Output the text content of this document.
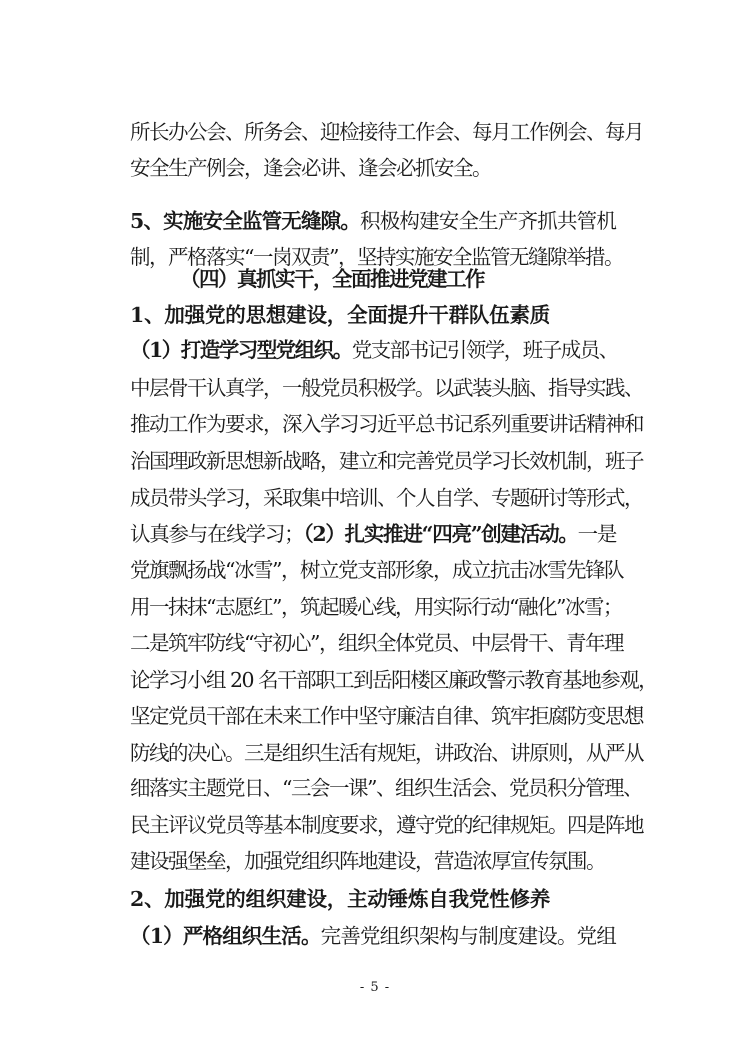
所长办公会、所务会、迎检接待工作会、每月工作例会、每月
安全生产例会，逢会必讲、逢会必抓安全。
5、实施安全监管无缝隙。积极构建安全生产齐抓共管机
制，严格落实“一岗双责”，坚持实施安全监管无缝隙举措。
（四）真抓实干，全面推进党建工作
1、加强党的思想建设，全面提升干群队伍素质
（1）打造学习型党组织。党支部书记引领学，班子成员、
中层骨干认真学，一般党员积极学。以武装头脑、指导实践、
推动工作为要求，深入学习习近平总书记系列重要讲话精神和
治国理政新思想新战略，建立和完善党员学习长效机制，班子
成员带头学习，采取集中培训、个人自学、专题研讨等形式，
认真参与在线学习；（2）扎实推进“四亮”创建活动。一是
党旗飘扬战“冰雪”，树立党支部形象，成立抗击冰雪先锋队
用一抹抹“志愿红”，筑起暖心线，用实际行动“融化”冰雪；
二是筑牢防线“守初心”，组织全体党员、中层骨干、青年理
论学习小组 20 名干部职工到岳阳楼区廉政警示教育基地参观，
坚定党员干部在未来工作中坚守廉洁自律、筑牢拒腐防变思想
防线的决心。三是组织生活有规矩，讲政治、讲原则，从严从
细落实主题党日、“三会一课”、组织生活会、党员积分管理、
民主评议党员等基本制度要求，遵守党的纪律规矩。四是阵地
建设强堡垒，加强党组织阵地建设，营造浓厚宣传氛围。
2、加强党的组织建设，主动锤炼自我党性修养
（1）严格组织生活。完善党组织架构与制度建设。党组
- 5 -
